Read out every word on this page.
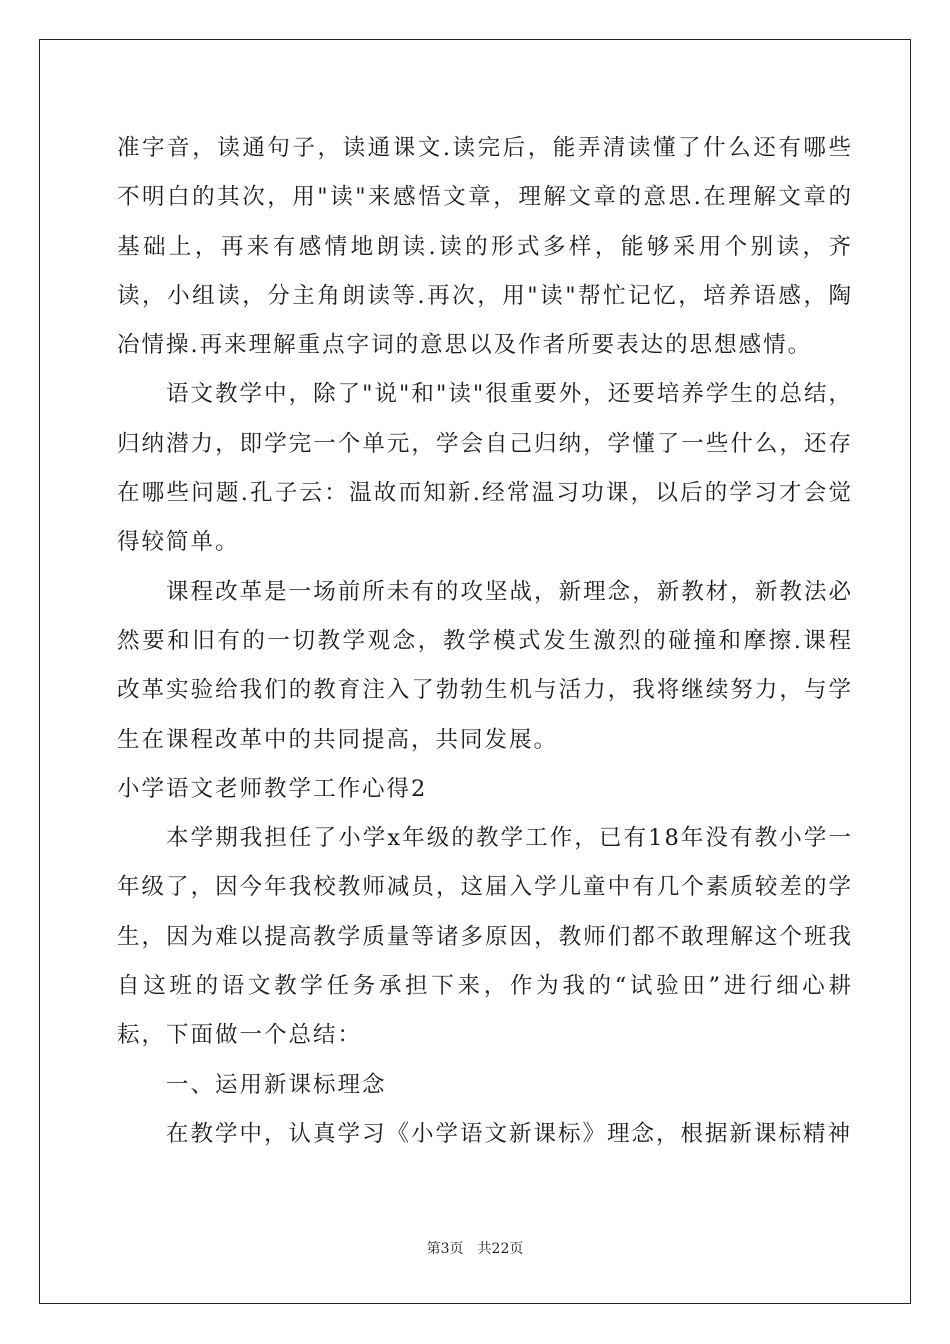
准字音，读通句子，读通课文.读完后，能弄清读懂了什么还有哪些不明白的其次，用"读"来感悟文章，理解文章的意思.在理解文章的基础上，再来有感情地朗读.读的形式多样，能够采用个别读，齐读，小组读，分主角朗读等.再次，用"读"帮忙记忆，培养语感，陶冶情操.再来理解重点字词的意思以及作者所要表达的思想感情。

语文教学中，除了"说"和"读"很重要外，还要培养学生的总结，归纳潜力，即学完一个单元，学会自己归纳，学懂了一些什么，还存在哪些问题.孔子云：温故而知新.经常温习功课，以后的学习才会觉得较简单。

课程改革是一场前所未有的攻坚战，新理念，新教材，新教法必然要和旧有的一切教学观念，教学模式发生激烈的碰撞和摩擦.课程改革实验给我们的教育注入了勃勃生机与活力，我将继续努力，与学生在课程改革中的共同提高，共同发展。

小学语文老师教学工作心得2

本学期我担任了小学x年级的教学工作，已有18年没有教小学一年级了，因今年我校教师减员，这届入学儿童中有几个素质较差的学生，因为难以提高教学质量等诸多原因，教师们都不敢理解这个班我自这班的语文教学任务承担下来，作为我的“试验田”进行细心耕耘，下面做一个总结：

一、运用新课标理念

在教学中，认真学习《小学语文新课标》理念，根据新课标精神

第3页 共22页
